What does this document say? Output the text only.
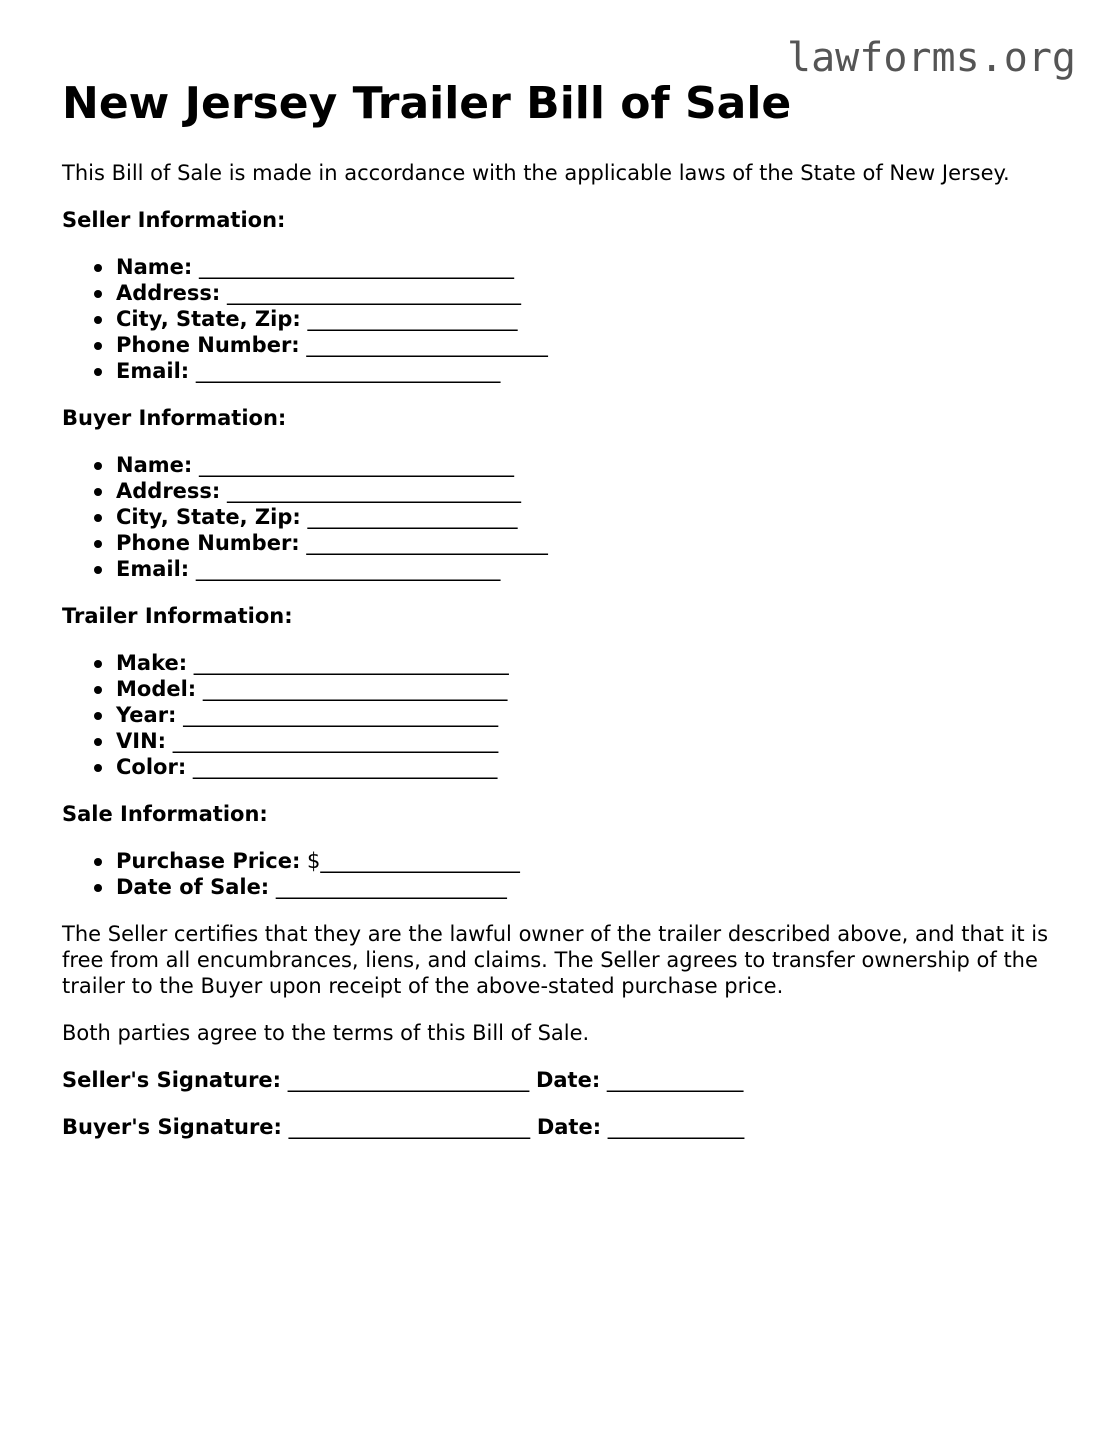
lawforms.org
New Jersey Trailer Bill of Sale

This Bill of Sale is made in accordance with the applicable laws of the State of New Jersey.

Seller Information:
Name: ______________________________
Address: ____________________________
City, State, Zip: ____________________
Phone Number: _______________________
Email: _____________________________
Buyer Information:
Name: ______________________________
Address: ____________________________
City, State, Zip: ____________________
Phone Number: _______________________
Email: _____________________________
Trailer Information:
Make: ______________________________
Model: _____________________________
Year: ______________________________
VIN: _______________________________
Color: _____________________________
Sale Information:
Purchase Price: $___________________
Date of Sale: ______________________

The Seller certifies that they are the lawful owner of the trailer described above, and that it is free from all encumbrances, liens, and claims. The Seller agrees to transfer ownership of the trailer to the Buyer upon receipt of the above-stated purchase price.

Both parties agree to the terms of this Bill of Sale.

Seller's Signature: _______________________ Date: _____________
Buyer's Signature: _______________________ Date: _____________
